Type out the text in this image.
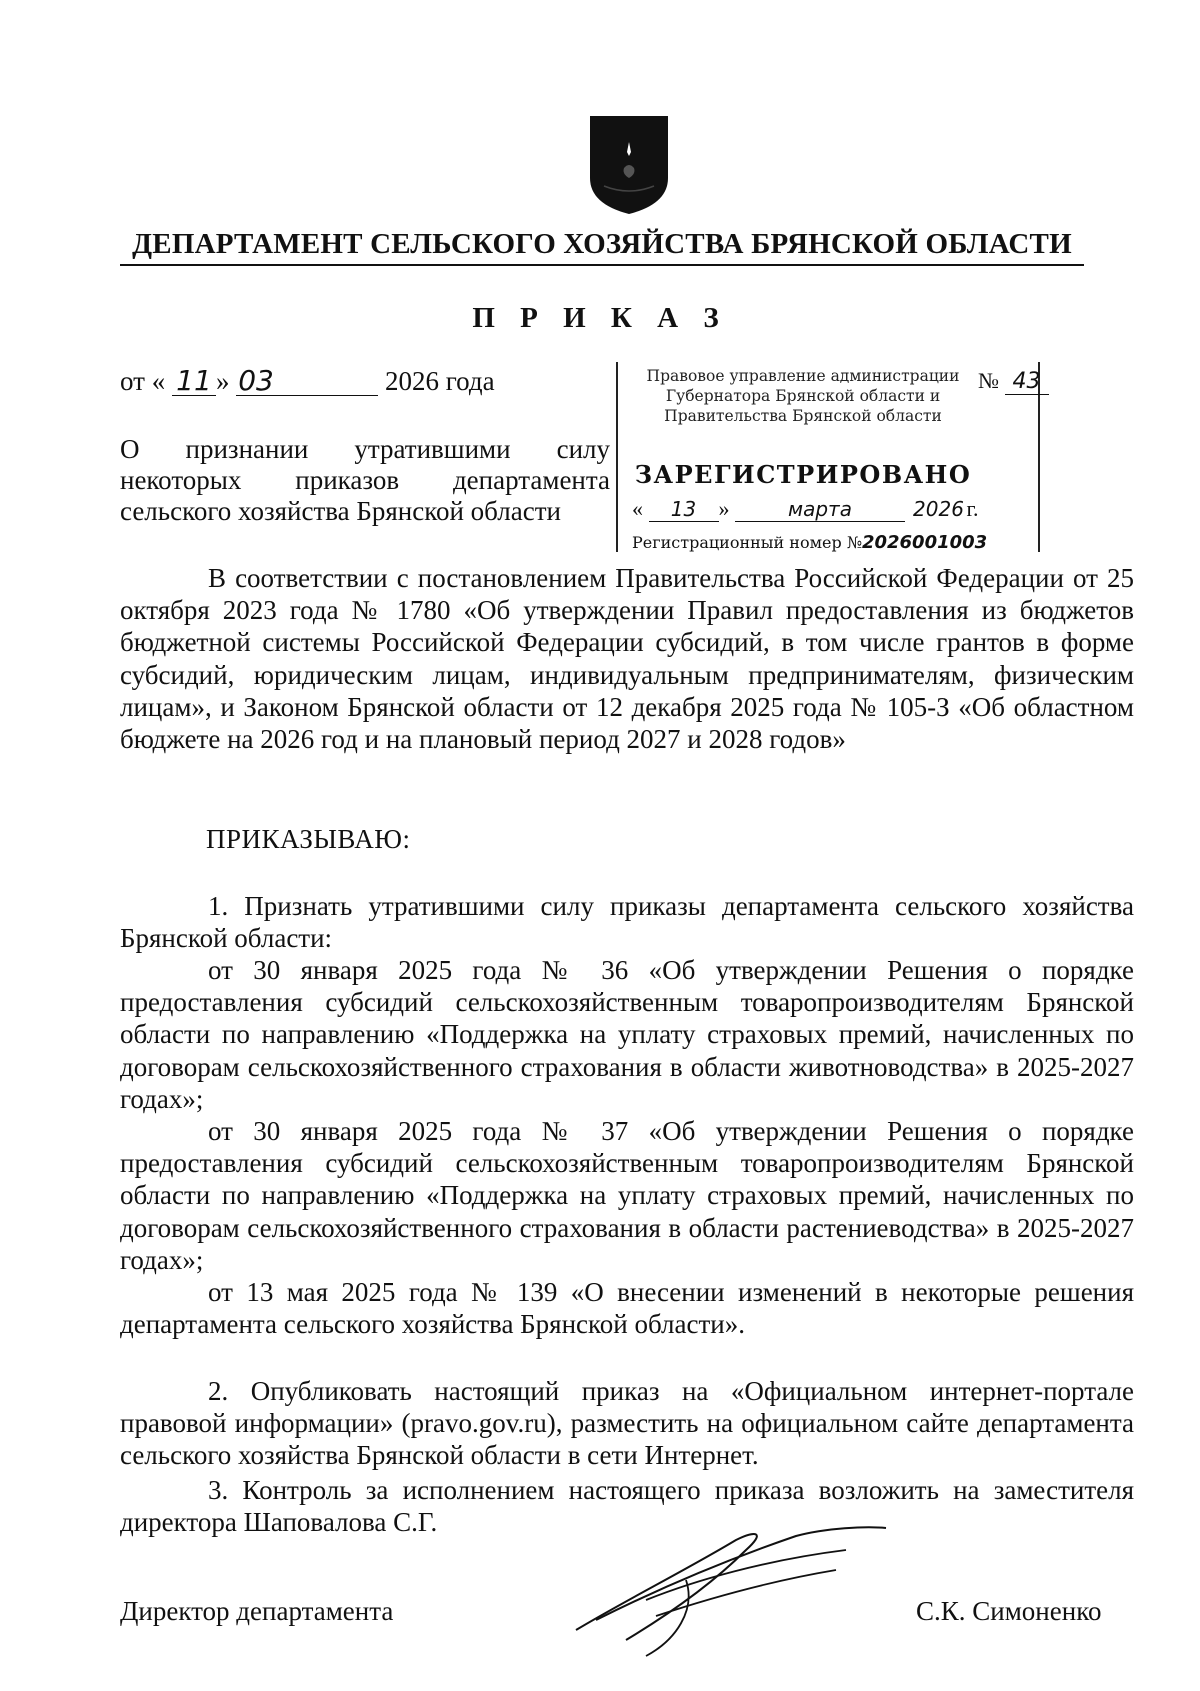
ДЕПАРТАМЕНТ СЕЛЬСКОГО ХОЗЯЙСТВА БРЯНСКОЙ ОБЛАСТИ
П Р И К А З
от « 11 » 03	2026 года	Правовое управление администрации Губернатора Брянской области и Правительства Брянской области
№ 43
ЗАРЕГИСТРИРОВАНО
« 13 »	марта	2026 г.
Регистрационный номер №2026001003
О признании утратившими силу некоторых приказов департамента сельского хозяйства Брянской области
В соответствии с постановлением Правительства Российской Федерации от 25 октября 2023 года № 1780 «Об утверждении Правил предоставления из бюджетов бюджетной системы Российской Федерации субсидий, в том числе грантов в форме субсидий, юридическим лицам, индивидуальным предпринимателям, физическим лицам», и Законом Брянской области от 12 декабря 2025 года № 105-З «Об областном бюджете на 2026 год и на плановый период 2027 и 2028 годов»
ПРИКАЗЫВАЮ:
1. Признать утратившими силу приказы департамента сельского хозяйства Брянской области:
от 30 января 2025 года № 36 «Об утверждении Решения о порядке предоставления субсидий сельскохозяйственным товаропроизводителям Брянской области по направлению «Поддержка на уплату страховых премий, начисленных по договорам сельскохозяйственного страхования в области животноводства» в 2025-2027 годах»;
от 30 января 2025 года № 37 «Об утверждении Решения о порядке предоставления субсидий сельскохозяйственным товаропроизводителям Брянской области по направлению «Поддержка на уплату страховых премий, начисленных по договорам сельскохозяйственного страхования в области растениеводства» в 2025-2027 годах»;
от 13 мая 2025 года № 139 «О внесении изменений в некоторые решения департамента сельского хозяйства Брянской области».
2. Опубликовать настоящий приказ на «Официальном интернет-портале правовой информации» (pravo.gov.ru), разместить на официальном сайте департамента сельского хозяйства Брянской области в сети Интернет.
3. Контроль за исполнением настоящего приказа возложить на заместителя директора Шаповалова С.Г.
Директор департамента	С.К. Симоненко
